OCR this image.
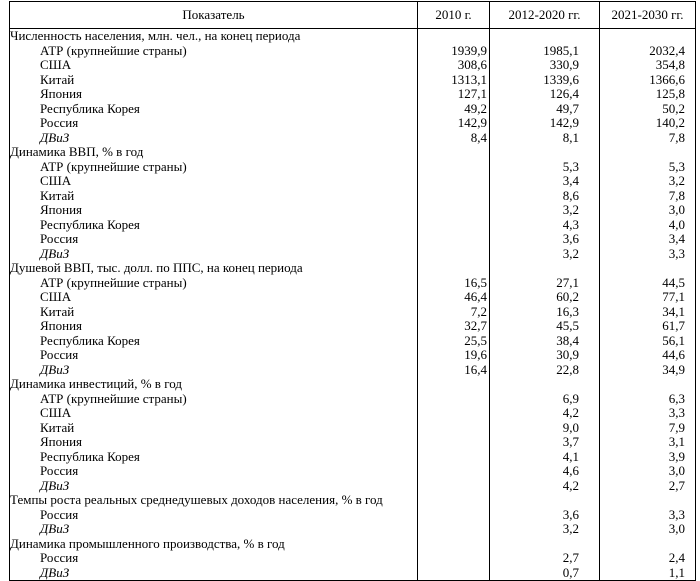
Показатель	2010 г.	2012-2020 гг.	2021-2030 гг.
Численность населения, млн. чел., на конец периода			
АТР (крупнейшие страны)	1939,9	1985,1	2032,4
США	308,6	330,9	354,8
Китай	1313,1	1339,6	1366,6
Япония	127,1	126,4	125,8
Республика Корея	49,2	49,7	50,2
Россия	142,9	142,9	140,2
ДВиЗ	8,4	8,1	7,8
Динамика ВВП, % в год			
АТР (крупнейшие страны)		5,3	5,3
США		3,4	3,2
Китай		8,6	7,8
Япония		3,2	3,0
Республика Корея		4,3	4,0
Россия		3,6	3,4
ДВиЗ		3,2	3,3
Душевой ВВП, тыс. долл. по ППС, на конец периода			
АТР (крупнейшие страны)	16,5	27,1	44,5
США	46,4	60,2	77,1
Китай	7,2	16,3	34,1
Япония	32,7	45,5	61,7
Республика Корея	25,5	38,4	56,1
Россия	19,6	30,9	44,6
ДВиЗ	16,4	22,8	34,9
Динамика инвестиций, % в год			
АТР (крупнейшие страны)		6,9	6,3
США		4,2	3,3
Китай		9,0	7,9
Япония		3,7	3,1
Республика Корея		4,1	3,9
Россия		4,6	3,0
ДВиЗ		4,2	2,7
Темпы роста реальных среднедушевых доходов населения, % в год			
Россия		3,6	3,3
ДВиЗ		3,2	3,0
Динамика промышленного производства, % в год			
Россия		2,7	2,4
ДВиЗ		0,7	1,1
